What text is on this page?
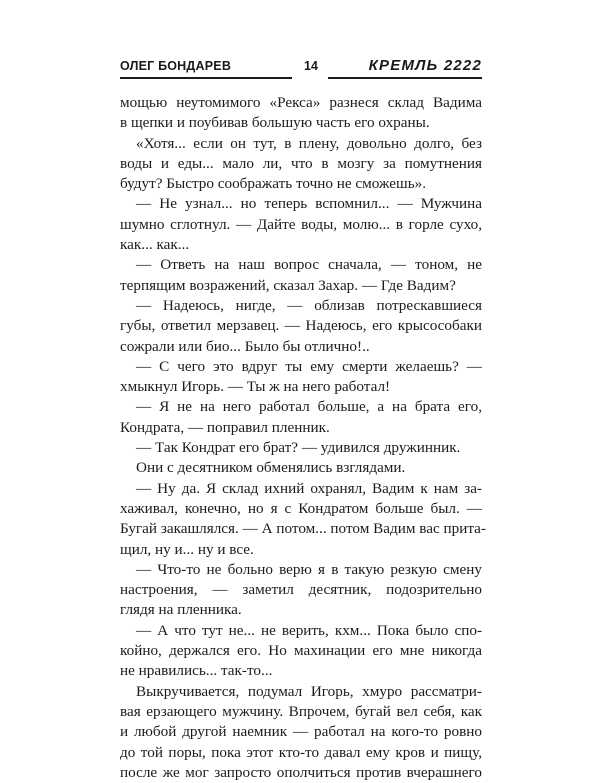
ОЛЕГ БОНДАРЕВ	14	КРЕМЛЬ 2222
мощью неутомимого «Рекса» разнеся склад Вадима
в щепки и поубивав большую часть его охраны.
«Хотя... если он тут, в плену, довольно долго, без
воды и еды... мало ли, что в мозгу за помутнения
будут? Быстро соображать точно не сможешь».
— Не узнал... но теперь вспомнил... — Мужчина
шумно сглотнул. — Дайте воды, молю... в горле сухо,
как... как...
— Ответь на наш вопрос сначала, — тоном, не
терпящим возражений, сказал Захар. — Где Вадим?
— Надеюсь, нигде, — облизав потрескавшиеся
губы, ответил мерзавец. — Надеюсь, его крысособаки
сожрали или био... Было бы отлично!..
— С чего это вдруг ты ему смерти желаешь? —
хмыкнул Игорь. — Ты ж на него работал!
— Я не на него работал больше, а на брата его,
Кондрата, — поправил пленник.
— Так Кондрат его брат? — удивился дружинник.
Они с десятником обменялись взглядами.
— Ну да. Я склад ихний охранял, Вадим к нам за-
хаживал, конечно, но я с Кондратом больше был. —
Бугай закашлялся. — А потом... потом Вадим вас прита-
щил, ну и... ну и все.
— Что-то не больно верю я в такую резкую смену
настроения, — заметил десятник, подозрительно
глядя на пленника.
— А что тут не... не верить, кхм... Пока было спо-
койно, держался его. Но махинации его мне никогда
не нравились... так-то...
Выкручивается, подумал Игорь, хмуро рассматри-
вая ерзающего мужчину. Впрочем, бугай вел себя, как
и любой другой наемник — работал на кого-то ровно
до той поры, пока этот кто-то давал ему кров и пищу,
после же мог запросто ополчиться против вчерашнего
